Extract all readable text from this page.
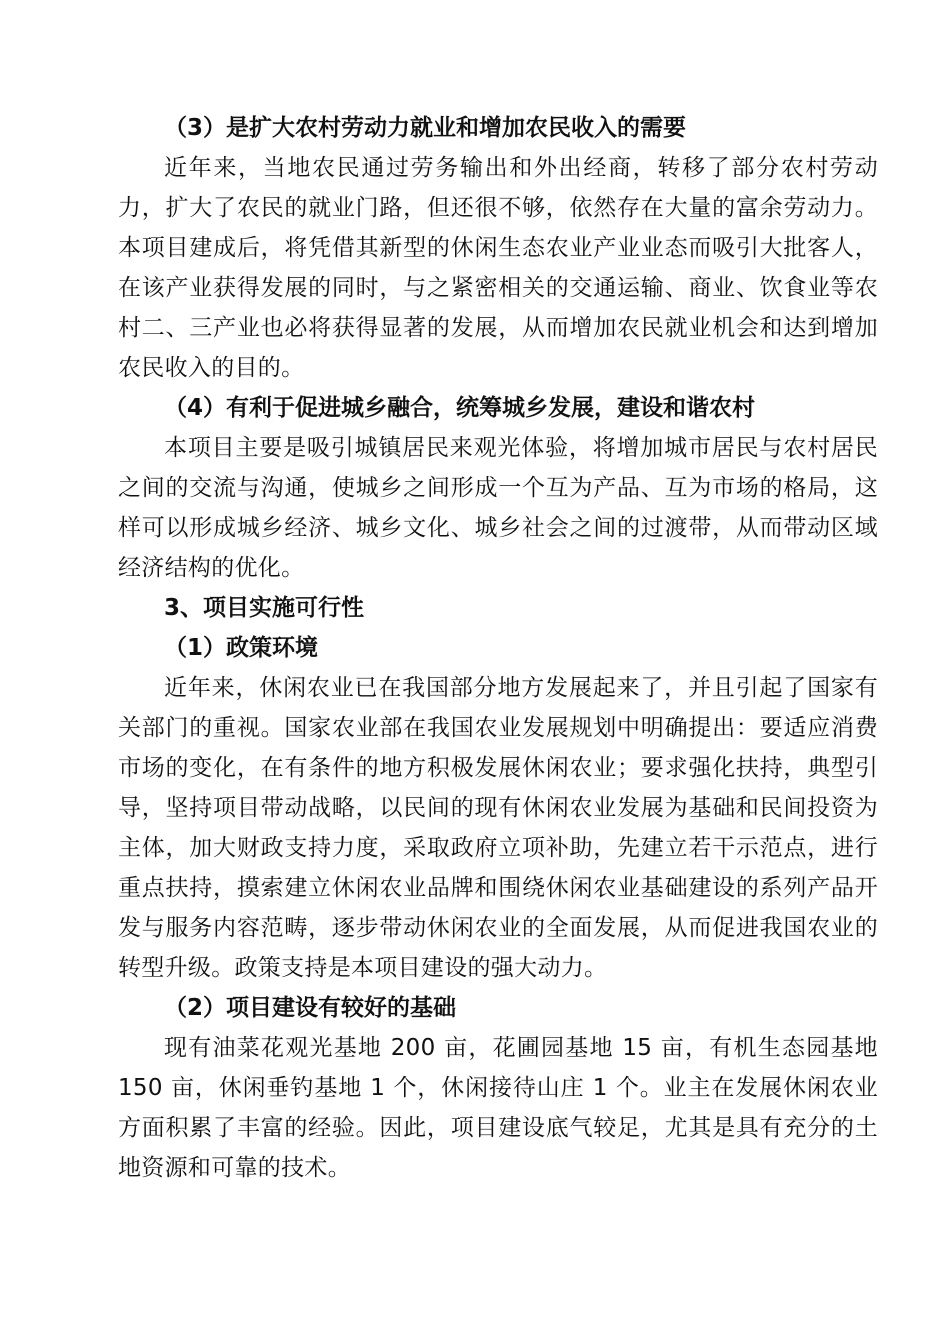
（3）是扩大农村劳动力就业和增加农民收入的需要

近年来，当地农民通过劳务输出和外出经商，转移了部分农村劳动力，扩大了农民的就业门路，但还很不够，依然存在大量的富余劳动力。本项目建成后，将凭借其新型的休闲生态农业产业业态而吸引大批客人，在该产业获得发展的同时，与之紧密相关的交通运输、商业、饮食业等农村二、三产业也必将获得显著的发展，从而增加农民就业机会和达到增加农民收入的目的。

（4）有利于促进城乡融合，统筹城乡发展，建设和谐农村

本项目主要是吸引城镇居民来观光体验，将增加城市居民与农村居民之间的交流与沟通，使城乡之间形成一个互为产品、互为市场的格局，这样可以形成城乡经济、城乡文化、城乡社会之间的过渡带，从而带动区域经济结构的优化。

3、项目实施可行性
（1）政策环境

近年来，休闲农业已在我国部分地方发展起来了，并且引起了国家有关部门的重视。国家农业部在我国农业发展规划中明确提出：要适应消费市场的变化，在有条件的地方积极发展休闲农业；要求强化扶持，典型引导，坚持项目带动战略，以民间的现有休闲农业发展为基础和民间投资为主体，加大财政支持力度，采取政府立项补助，先建立若干示范点，进行重点扶持，摸索建立休闲农业品牌和围绕休闲农业基础建设的系列产品开发与服务内容范畴，逐步带动休闲农业的全面发展，从而促进我国农业的转型升级。政策支持是本项目建设的强大动力。

（2）项目建设有较好的基础

现有油菜花观光基地 200 亩，花圃园基地 15 亩，有机生态园基地 150 亩，休闲垂钓基地 1 个，休闲接待山庄 1 个。业主在发展休闲农业方面积累了丰富的经验。因此，项目建设底气较足，尤其是具有充分的土地资源和可靠的技术。
